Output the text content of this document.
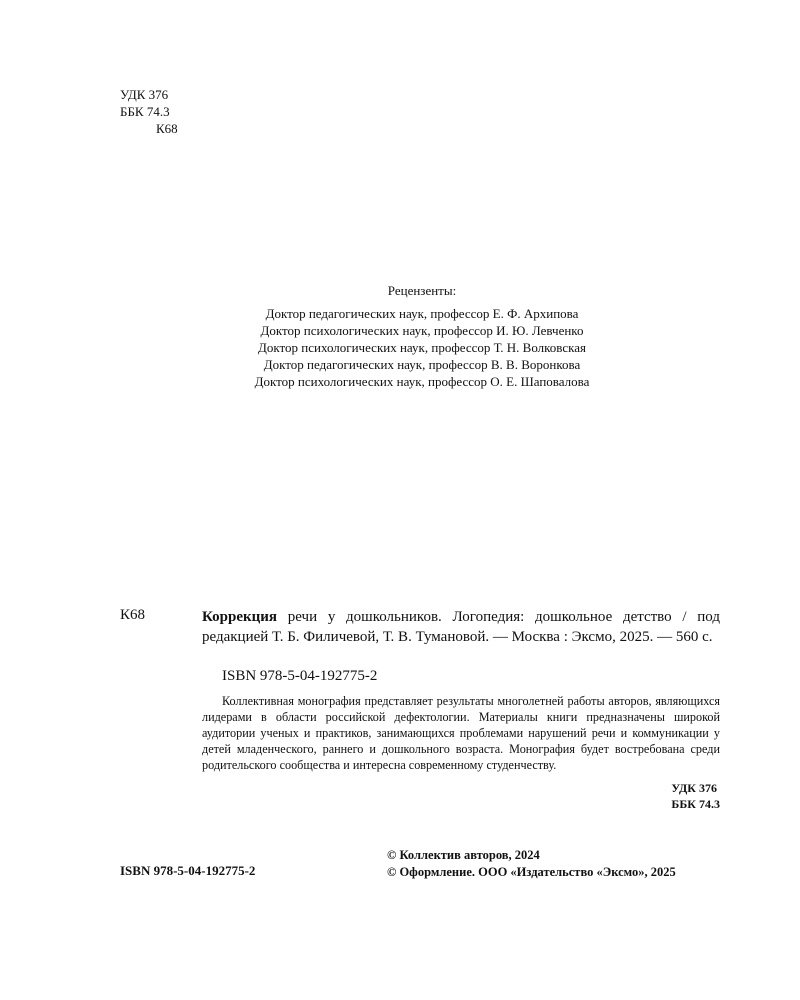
УДК 376
ББК 74.3
К68
Рецензенты:
Доктор педагогических наук, профессор Е. Ф. Архипова
Доктор психологических наук, профессор И. Ю. Левченко
Доктор психологических наук, профессор Т. Н. Волковская
Доктор педагогических наук, профессор В. В. Воронкова
Доктор психологических наук, профессор О. Е. Шаповалова
К68	Коррекция речи у дошкольников. Логопедия: дошкольное детство / под редакцией Т. Б. Филичевой, Т. В. Тумановой. — Москва : Эксмо, 2025. — 560 с.
ISBN 978-5-04-192775-2
Коллективная монография представляет результаты многолетней работы авторов, являющихся лидерами в области российской дефектологии. Материалы книги предназначены широкой аудитории ученых и практиков, занимающихся проблемами нарушений речи и коммуникации у детей младенческого, раннего и дошкольного возраста. Монография будет востребована среди родительского сообщества и интересна современному студенчеству.
УДК 376
ББК 74.3
© Коллектив авторов, 2024
© Оформление. ООО «Издательство «Эксмо», 2025
ISBN 978-5-04-192775-2
